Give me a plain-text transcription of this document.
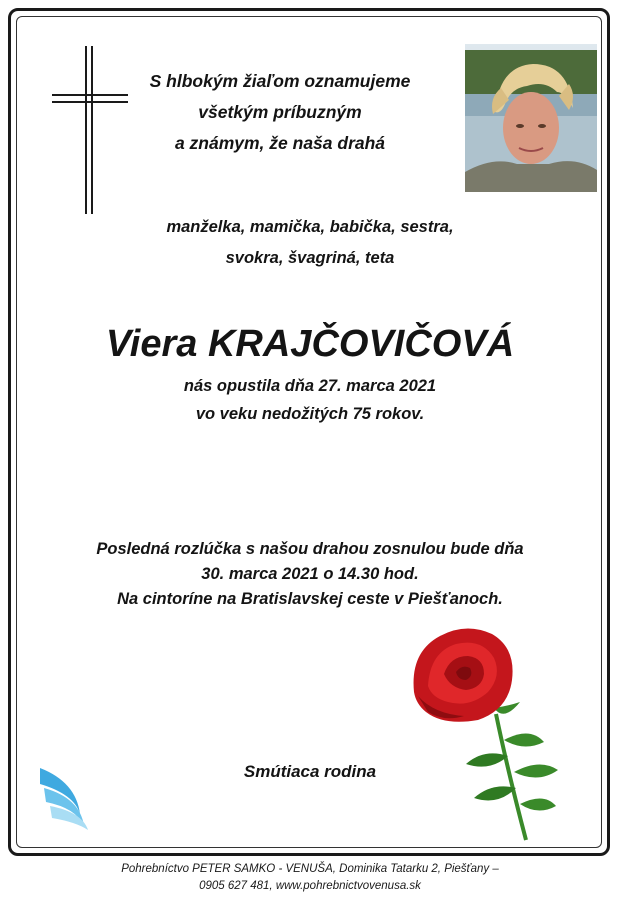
S hlbokým žiaľom oznamujeme
všetkým príbuzným
a známym, že naša drahá
manželka, mamička, babička, sestra,
svokra, švagriná, teta
Viera KRAJČOVIČOVÁ
nás opustila dňa 27. marca 2021
vo veku nedožitých 75 rokov.
Posledná rozlúčka s našou drahou zosnulou bude dňa
30. marca 2021 o 14.30 hod.
Na cintoríne na Bratislavskej ceste v Piešťanoch.
Smútiaca rodina
Pohrebníctvo PETER SAMKO - VENUŠA, Dominika Tatarku 2, Piešťany –
0905 627 481, www.pohrebnictvovenusa.sk
